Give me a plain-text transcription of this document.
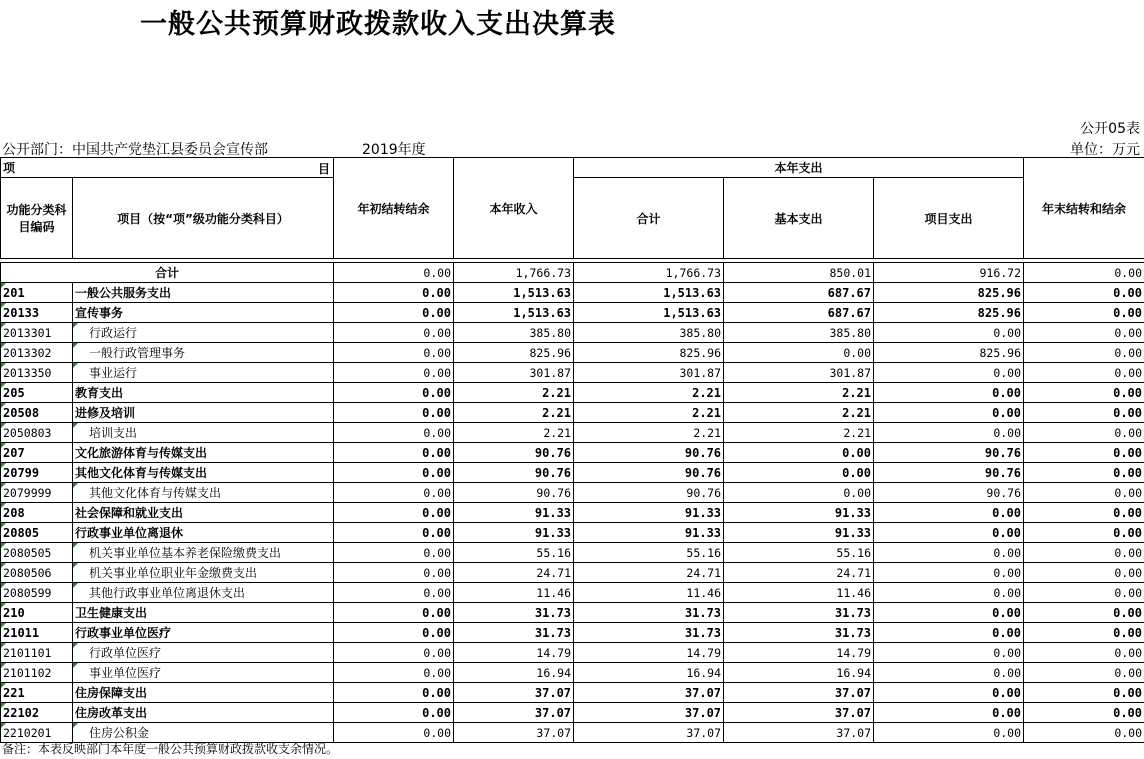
一般公共预算财政拨款收入支出决算表
公开05表
公开部门：中国共产党垫江县委员会宣传部	2019年度	单位：万元
项 目		年初结转结余	本年收入	本年支出			年末结转和结余
功能分类科目编码	项目（按“项”级功能分类科目）			合计	基本支出	项目支出	

合计		0.00	1,766.73	1,766.73	850.01	916.72	0.00
201	一般公共服务支出	0.00	1,513.63	1,513.63	687.67	825.96	0.00
20133	宣传事务	0.00	1,513.63	1,513.63	687.67	825.96	0.00
2013301	行政运行	0.00	385.80	385.80	385.80	0.00	0.00
2013302	一般行政管理事务	0.00	825.96	825.96	0.00	825.96	0.00
2013350	事业运行	0.00	301.87	301.87	301.87	0.00	0.00
205	教育支出	0.00	2.21	2.21	2.21	0.00	0.00
20508	进修及培训	0.00	2.21	2.21	2.21	0.00	0.00
2050803	培训支出	0.00	2.21	2.21	2.21	0.00	0.00
207	文化旅游体育与传媒支出	0.00	90.76	90.76	0.00	90.76	0.00
20799	其他文化体育与传媒支出	0.00	90.76	90.76	0.00	90.76	0.00
2079999	其他文化体育与传媒支出	0.00	90.76	90.76	0.00	90.76	0.00
208	社会保障和就业支出	0.00	91.33	91.33	91.33	0.00	0.00
20805	行政事业单位离退休	0.00	91.33	91.33	91.33	0.00	0.00
2080505	机关事业单位基本养老保险缴费支出	0.00	55.16	55.16	55.16	0.00	0.00
2080506	机关事业单位职业年金缴费支出	0.00	24.71	24.71	24.71	0.00	0.00
2080599	其他行政事业单位离退休支出	0.00	11.46	11.46	11.46	0.00	0.00
210	卫生健康支出	0.00	31.73	31.73	31.73	0.00	0.00
21011	行政事业单位医疗	0.00	31.73	31.73	31.73	0.00	0.00
2101101	行政单位医疗	0.00	14.79	14.79	14.79	0.00	0.00
2101102	事业单位医疗	0.00	16.94	16.94	16.94	0.00	0.00
221	住房保障支出	0.00	37.07	37.07	37.07	0.00	0.00
22102	住房改革支出	0.00	37.07	37.07	37.07	0.00	0.00
2210201	住房公积金	0.00	37.07	37.07	37.07	0.00	0.00
备注：本表反映部门本年度一般公共预算财政拨款收支余情况。
